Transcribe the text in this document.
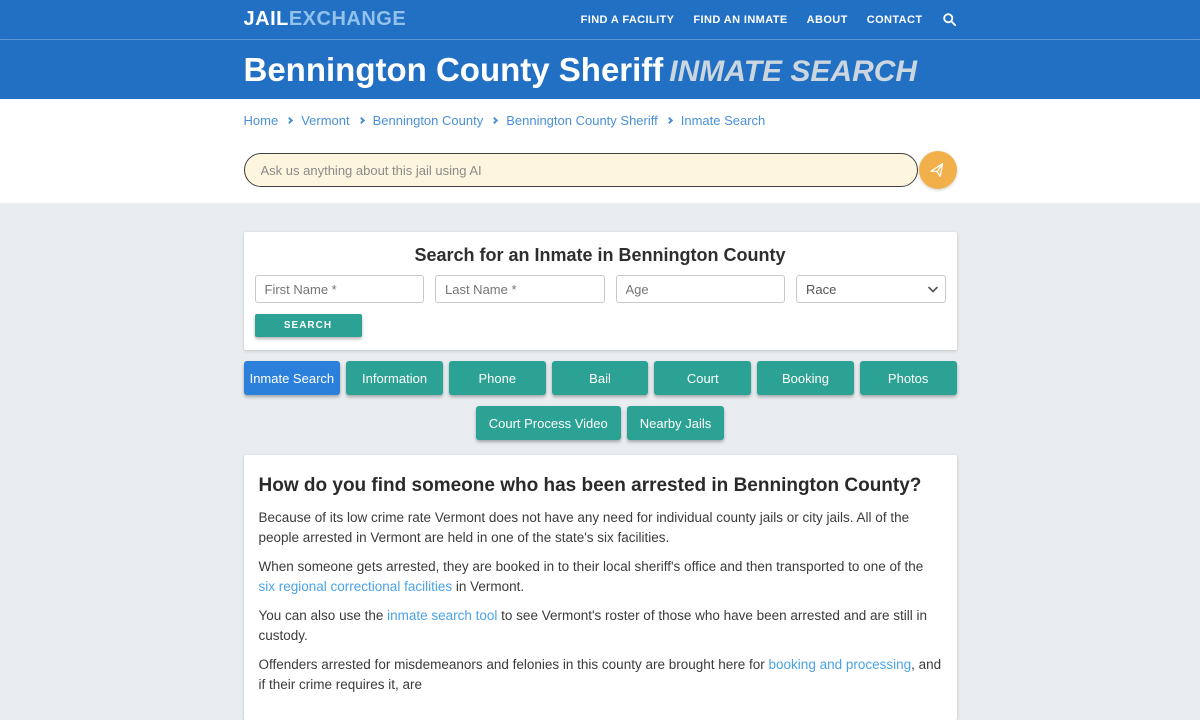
JAILEXCHANGE	FIND A FACILITY FIND AN INMATE ABOUT CONTACT
Bennington County Sheriff INMATE SEARCH
Home Vermont Bennington County Bennington County Sheriff Inmate Search
Ask us anything about this jail using AI
Search for an Inmate in Bennington County
First Name *
Last Name *
Age
Race
SEARCH
Inmate Search	Information	Phone	Bail	Court	Booking	Photos
Court Process Video	Nearby Jails
How do you find someone who has been arrested in Bennington County?

Because of its low crime rate Vermont does not have any need for individual county jails or city jails. All of the people arrested in Vermont are held in one of the state's six facilities.

When someone gets arrested, they are booked in to their local sheriff's office and then transported to one of the six regional correctional facilities in Vermont.

You can also use the inmate search tool to see Vermont's roster of those who have been arrested and are still in custody.

Offenders arrested for misdemeanors and felonies in this county are brought here for booking and processing, and if their crime requires it, are
